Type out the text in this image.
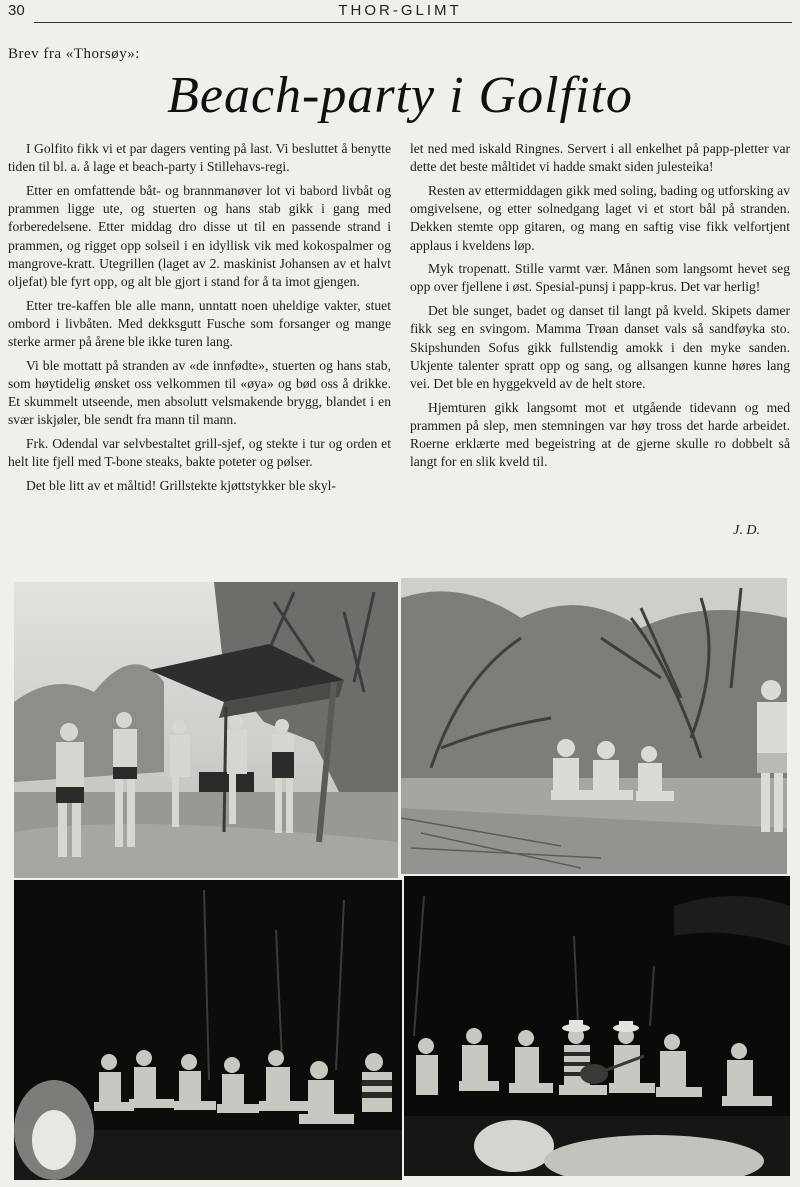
30	THOR-GLIMT
Brev fra «Thorsøy»:
Beach-party i Golfito

I Golfito fikk vi et par dagers venting på last. Vi besluttet å benytte tiden til bl. a. å lage et beach-party i Stillehavs-regi.

Etter en omfattende båt- og brannmanøver lot vi babord livbåt og prammen ligge ute, og stuerten og hans stab gikk i gang med forberedelsene. Etter middag dro disse ut til en passende strand i prammen, og rigget opp solseil i en idyllisk vik med kokospalmer og mangrove-kratt. Utegrillen (laget av 2. maskinist Johansen av et halvt oljefat) ble fyrt opp, og alt ble gjort i stand for å ta imot gjengen.

Etter tre-kaffen ble alle mann, unntatt noen uheldige vakter, stuet ombord i livbåten. Med dekksgutt Fusche som forsanger og mange sterke armer på årene ble ikke turen lang.

Vi ble mottatt på stranden av «de innfødte», stuerten og hans stab, som høytidelig ønsket oss velkommen til «øya» og bød oss å drikke. Et skummelt utseende, men absolutt velsmakende brygg, blandet i en svær iskjøler, ble sendt fra mann til mann.

Frk. Odendal var selvbestaltet grill-sjef, og stekte i tur og orden et helt lite fjell med T-bone steaks, bakte poteter og pølser.

Det ble litt av et måltid! Grillstekte kjøttstykker ble skyl-

let ned med iskald Ringnes. Servert i all enkelhet på papp-pletter var dette det beste måltidet vi hadde smakt siden julesteika!

Resten av ettermiddagen gikk med soling, bading og utforsking av omgivelsene, og etter solnedgang laget vi et stort bål på stranden. Dekken stemte opp gitaren, og mang en saftig vise fikk velfortjent applaus i kveldens løp.

Myk tropenatt. Stille varmt vær. Månen som langsomt hevet seg opp over fjellene i øst. Spesial-punsj i papp-krus. Det var herlig!

Det ble sunget, badet og danset til langt på kveld. Skipets damer fikk seg en svingom. Mamma Trøan danset vals så sandføyka sto. Skipshunden Sofus gikk fullstendig amokk i den myke sanden. Ukjente talenter spratt opp og sang, og allsangen kunne høres lang vei. Det ble en hyggekveld av de helt store.

Hjemturen gikk langsomt mot et utgående tidevann og med prammen på slep, men stemningen var høy tross det harde arbeidet. Roerne erklærte med begeistring at de gjerne skulle ro dobbelt så langt for en slik kveld til.

J. D.
